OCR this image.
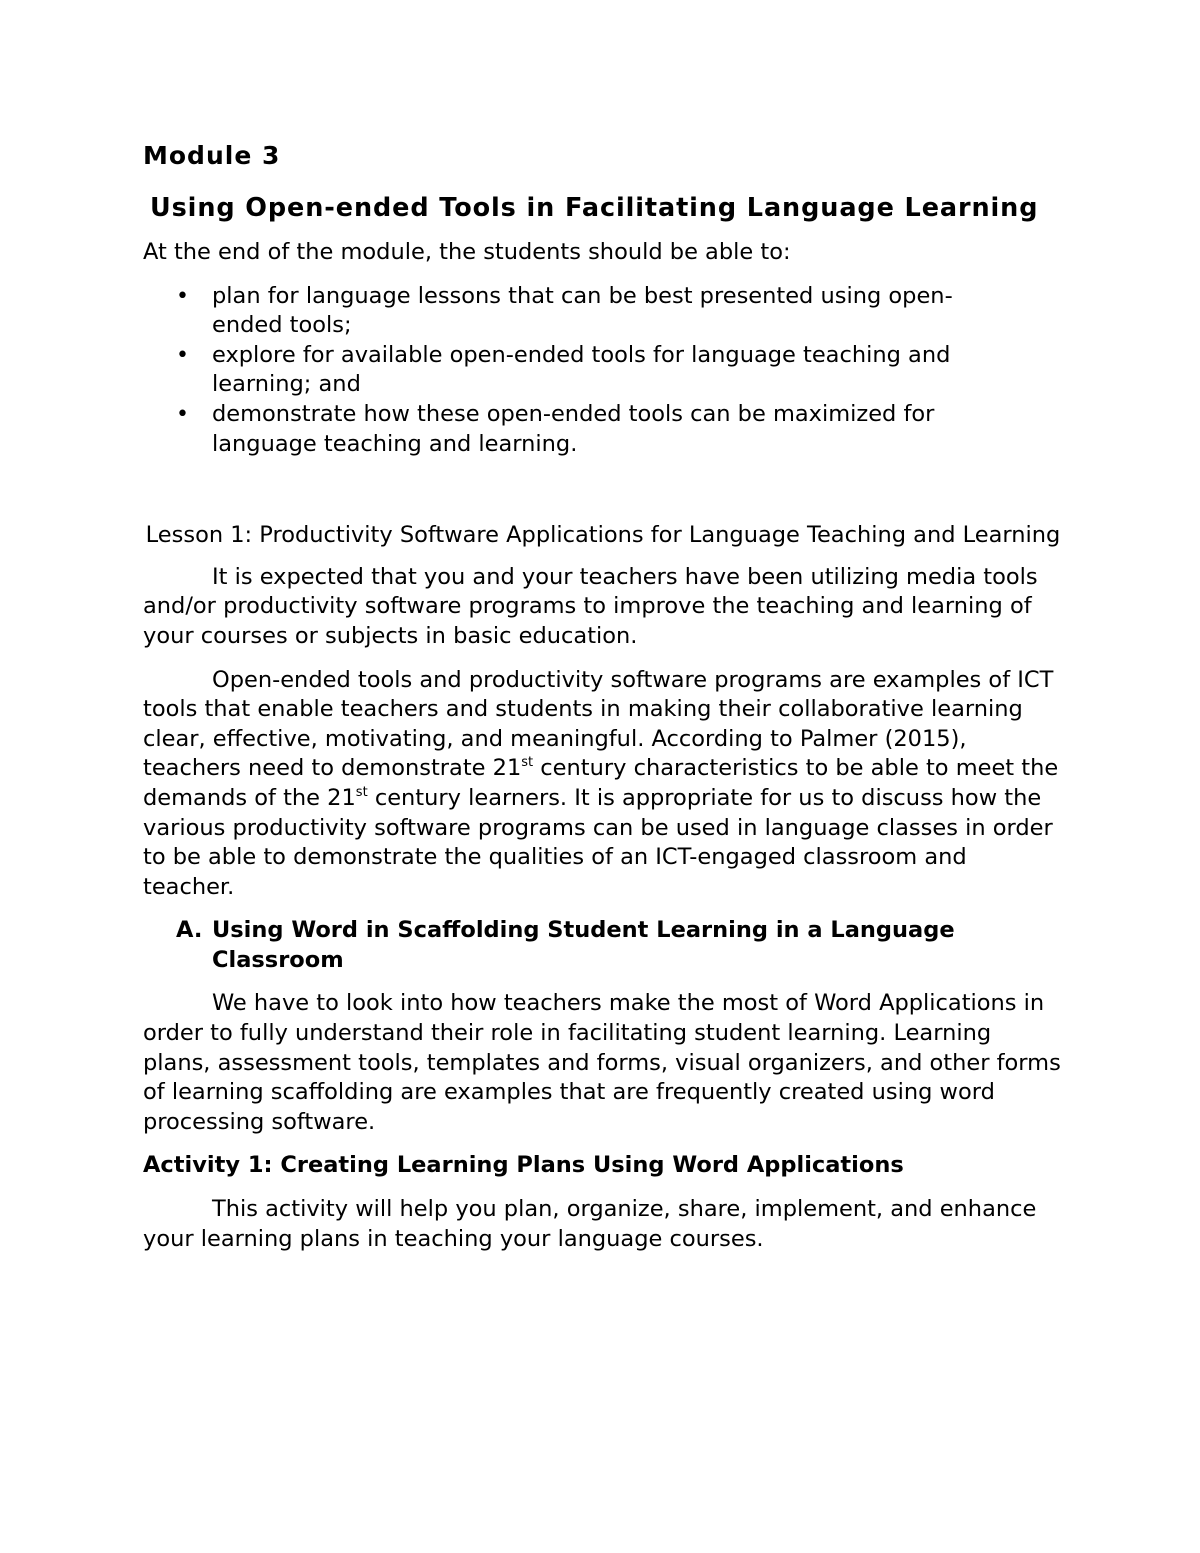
Module 3
Using Open-ended Tools in Facilitating Language Learning
At the end of the module, the students should be able to:
• plan for language lessons that can be best presented using open-ended tools;
• explore for available open-ended tools for language teaching and learning; and
• demonstrate how these open-ended tools can be maximized for language teaching and learning.
Lesson 1: Productivity Software Applications for Language Teaching and Learning

It is expected that you and your teachers have been utilizing media tools and/or productivity software programs to improve the teaching and learning of your courses or subjects in basic education.

Open-ended tools and productivity software programs are examples of ICT tools that enable teachers and students in making their collaborative learning clear, effective, motivating, and meaningful. According to Palmer (2015), teachers need to demonstrate 21st century characteristics to be able to meet the demands of the 21st century learners. It is appropriate for us to discuss how the various productivity software programs can be used in language classes in order to be able to demonstrate the qualities of an ICT-engaged classroom and teacher.

A. Using Word in Scaffolding Student Learning in a Language Classroom

We have to look into how teachers make the most of Word Applications in order to fully understand their role in facilitating student learning. Learning plans, assessment tools, templates and forms, visual organizers, and other forms of learning scaffolding are examples that are frequently created using word processing software.

Activity 1: Creating Learning Plans Using Word Applications

This activity will help you plan, organize, share, implement, and enhance your learning plans in teaching your language courses.
